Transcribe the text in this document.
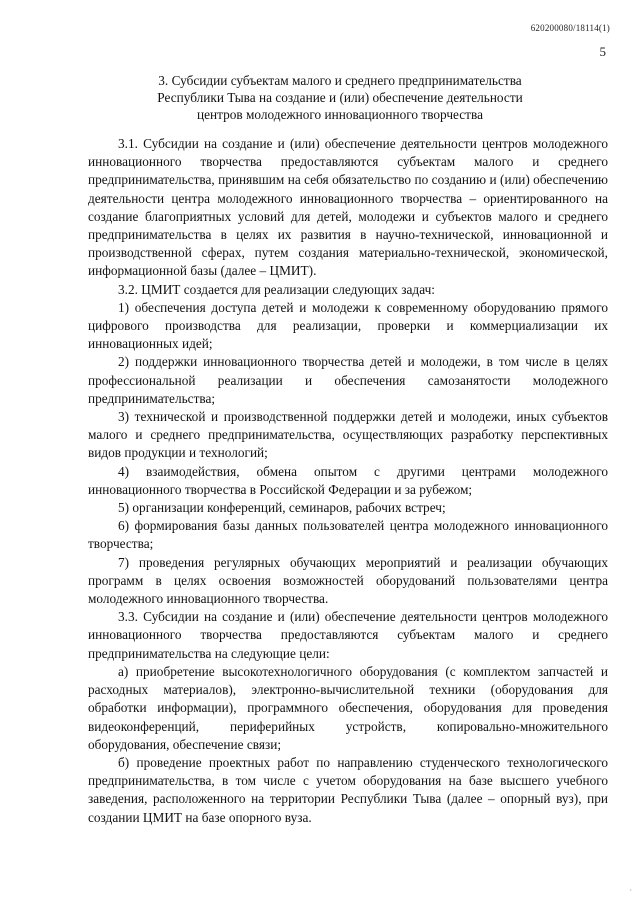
620200080/18114(1)
5
3. Субсидии субъектам малого и среднего предпринимательства
Республики Тыва на создание и (или) обеспечение деятельности
центров молодежного инновационного творчества

3.1. Субсидии на создание и (или) обеспечение деятельности центров молодежного инновационного творчества предоставляются субъектам малого и среднего предпринимательства, принявшим на себя обязательство по созданию и (или) обеспечению деятельности центра молодежного инновационного творчества – ориентированного на создание благоприятных условий для детей, молодежи и субъектов малого и среднего предпринимательства в целях их развития в научно-технической, инновационной и производственной сферах, путем создания материально-технической, экономической, информационной базы (далее – ЦМИТ).

3.2. ЦМИТ создается для реализации следующих задач:

1) обеспечения доступа детей и молодежи к современному оборудованию прямого цифрового производства для реализации, проверки и коммерциализации их инновационных идей;

2) поддержки инновационного творчества детей и молодежи, в том числе в целях профессиональной реализации и обеспечения самозанятости молодежного предпринимательства;

3) технической и производственной поддержки детей и молодежи, иных субъектов малого и среднего предпринимательства, осуществляющих разработку перспективных видов продукции и технологий;

4) взаимодействия, обмена опытом с другими центрами молодежного инновационного творчества в Российской Федерации и за рубежом;

5) организации конференций, семинаров, рабочих встреч;

6) формирования базы данных пользователей центра молодежного инновационного творчества;

7) проведения регулярных обучающих мероприятий и реализации обучающих программ в целях освоения возможностей оборудований пользователями центра молодежного инновационного творчества.

3.3. Субсидии на создание и (или) обеспечение деятельности центров молодежного инновационного творчества предоставляются субъектам малого и среднего предпринимательства на следующие цели:

а) приобретение высокотехнологичного оборудования (с комплектом запчастей и расходных материалов), электронно-вычислительной техники (оборудования для обработки информации), программного обеспечения, оборудования для проведения видеоконференций, периферийных устройств, копировально-множительного оборудования, обеспечение связи;

б) проведение проектных работ по направлению студенческого технологического предпринимательства, в том числе с учетом оборудования на базе высшего учебного заведения, расположенного на территории Республики Тыва (далее – опорный вуз), при создании ЦМИТ на базе опорного вуза.

·
